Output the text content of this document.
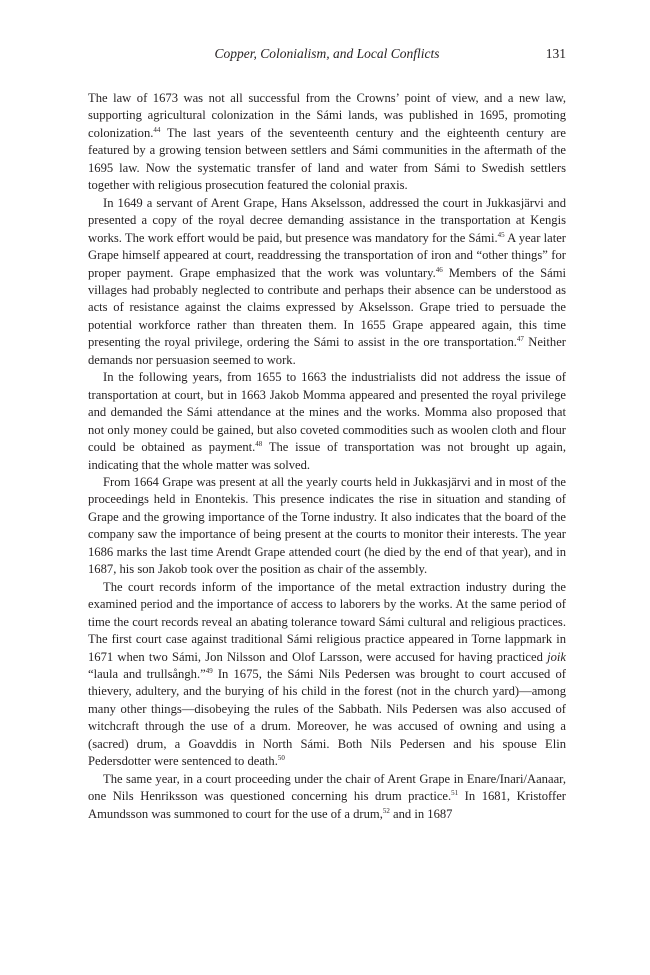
Copper, Colonialism, and Local Conflicts	131

The law of 1673 was not all successful from the Crowns’ point of view, and a new law, supporting agricultural colonization in the Sámi lands, was published in 1695, promoting colonization.$^{44}$ The last years of the seventeenth century and the eighteenth century are featured by a growing tension between settlers and Sámi communities in the aftermath of the 1695 law. Now the systematic transfer of land and water from Sámi to Swedish settlers together with religious prosecution featured the colonial praxis.

In 1649 a servant of Arent Grape, Hans Akselsson, addressed the court in Jukkasjärvi and presented a copy of the royal decree demanding assistance in the transportation at Kengis works. The work effort would be paid, but presence was mandatory for the Sámi.$^{45}$ A year later Grape himself appeared at court, readdressing the transportation of iron and “other things” for proper payment. Grape emphasized that the work was voluntary.$^{46}$ Members of the Sámi villages had probably neglected to contribute and perhaps their absence can be understood as acts of resistance against the claims expressed by Akselsson. Grape tried to persuade the potential workforce rather than threaten them. In 1655 Grape appeared again, this time presenting the royal privilege, ordering the Sámi to assist in the ore transportation.$^{47}$ Neither demands nor persuasion seemed to work.

In the following years, from 1655 to 1663 the industrialists did not address the issue of transportation at court, but in 1663 Jakob Momma appeared and presented the royal privilege and demanded the Sámi attendance at the mines and the works. Momma also proposed that not only money could be gained, but also coveted commodities such as woolen cloth and flour could be obtained as payment.$^{48}$ The issue of transportation was not brought up again, indicating that the whole matter was solved.

From 1664 Grape was present at all the yearly courts held in Jukkasjärvi and in most of the proceedings held in Enontekis. This presence indicates the rise in situation and standing of Grape and the growing importance of the Torne industry. It also indicates that the board of the company saw the importance of being present at the courts to monitor their interests. The year 1686 marks the last time Arendt Grape attended court (he died by the end of that year), and in 1687, his son Jakob took over the position as chair of the assembly.

The court records inform of the importance of the metal extraction industry during the examined period and the importance of access to laborers by the works. At the same period of time the court records reveal an abating tolerance toward Sámi cultural and religious practices. The first court case against traditional Sámi religious practice appeared in Torne lappmark in 1671 when two Sámi, Jon Nilsson and Olof Larsson, were accused for having practiced joik “laula and trullsångh.”$^{49}$ In 1675, the Sámi Nils Pedersen was brought to court accused of thievery, adultery, and the burying of his child in the forest (not in the church yard)—among many other things—disobeying the rules of the Sabbath. Nils Pedersen was also accused of witchcraft through the use of a drum. Moreover, he was accused of owning and using a (sacred) drum, a Goavddis in North Sámi. Both Nils Pedersen and his spouse Elin Pedersdotter were sentenced to death.$^{50}$

The same year, in a court proceeding under the chair of Arent Grape in Enare/Inari/Aanaar, one Nils Henriksson was questioned concerning his drum practice.$^{51}$ In 1681, Kristoffer Amundsson was summoned to court for the use of a drum,$^{52}$ and in 1687
